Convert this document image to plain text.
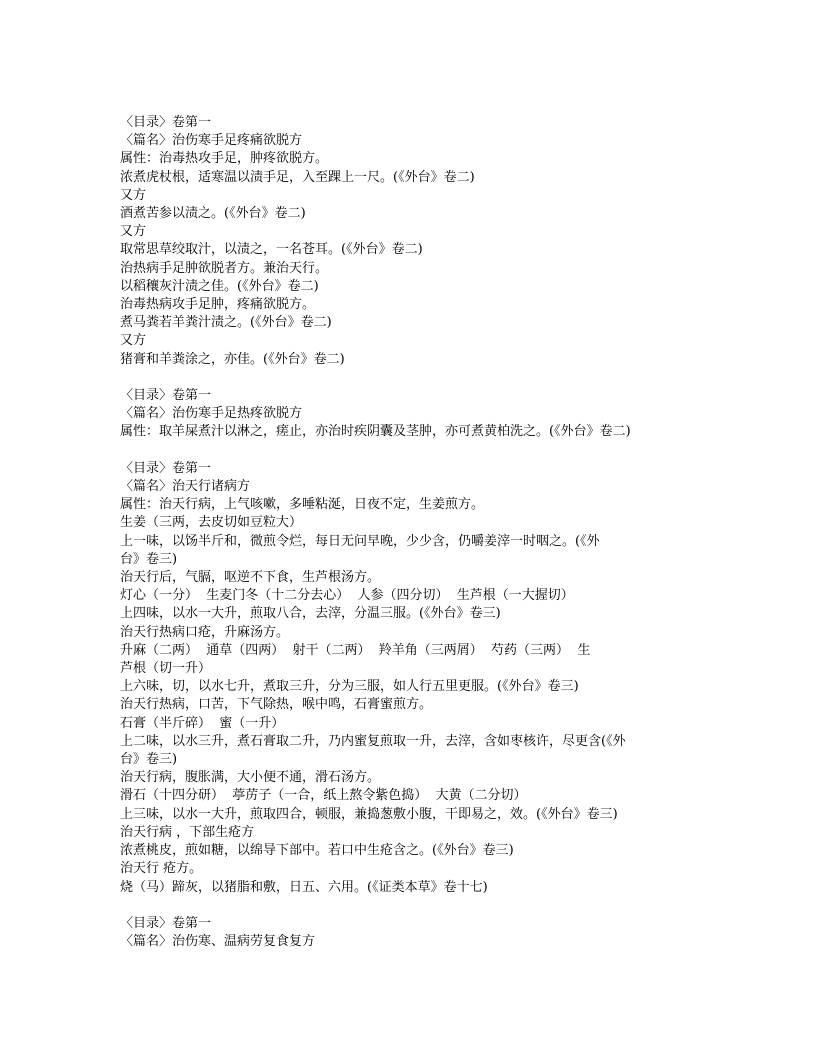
〈目录〉卷第一
〈篇名〉治伤寒手足疼痛欲脱方
属性：治毒热攻手足，肿疼欲脱方。
浓煮虎杖根，适寒温以渍手足，入至踝上一尺。(《外台》卷二)
又方
酒煮苦参以渍之。(《外台》卷二)
又方
取常思草绞取汁，以渍之，一名苍耳。(《外台》卷二)
治热病手足肿欲脱者方。兼治天行。
以稻穰灰汁渍之佳。(《外台》卷二)
治毒热病攻手足肿，疼痛欲脱方。
煮马粪若羊粪汁渍之。(《外台》卷二)
又方
猪膏和羊粪涂之，亦佳。(《外台》卷二)
〈目录〉卷第一
〈篇名〉治伤寒手足热疼欲脱方
属性：取羊屎煮汁以淋之，瘥止，亦治时疾阴囊及茎肿，亦可煮黄柏洗之。(《外台》卷二)
〈目录〉卷第一
〈篇名〉治天行诸病方
属性：治天行病，上气咳嗽，多唾粘涎，日夜不定，生姜煎方。
生姜（三两，去皮切如豆粒大）
上一味，以饧半斤和，微煎令烂，每日无问早晚，少少含，仍嚼姜滓一时咽之。(《外
台》卷三)
治天行后，气膈，呕逆不下食，生芦根汤方。
灯心（一分）  生麦门冬（十二分去心）  人参（四分切）  生芦根（一大握切）
上四味，以水一大升，煎取八合，去滓，分温三服。(《外台》卷三)
治天行热病口疮，升麻汤方。
升麻（二两）  通草（四两）  射干（二两）  羚羊角（三两屑）  芍药（三两）  生
芦根（切一升）
上六味，切，以水七升，煮取三升，分为三服，如人行五里更服。(《外台》卷三)
治天行热病，口苦，下气除热，喉中鸣，石膏蜜煎方。
石膏（半斤碎）  蜜（一升）
上二味，以水三升，煮石膏取二升，乃内蜜复煎取一升，去滓，含如枣核许，尽更含(《外
台》卷三)
治天行病，腹胀满，大小便不通，滑石汤方。
滑石（十四分研）  葶苈子（一合，纸上熬令紫色捣）  大黄（二分切）
上三味，以水一大升，煎取四合，顿服，兼捣葱敷小腹，干即易之，效。(《外台》卷三)
治天行病 ，下部生疮方
浓煮桃皮，煎如糖，以绵导下部中。若口中生疮含之。(《外台》卷三)
治天行 疮方。
烧（马）蹄灰，以猪脂和敷，日五、六用。(《证类本草》卷十七)
〈目录〉卷第一
〈篇名〉治伤寒、温病劳复食复方
